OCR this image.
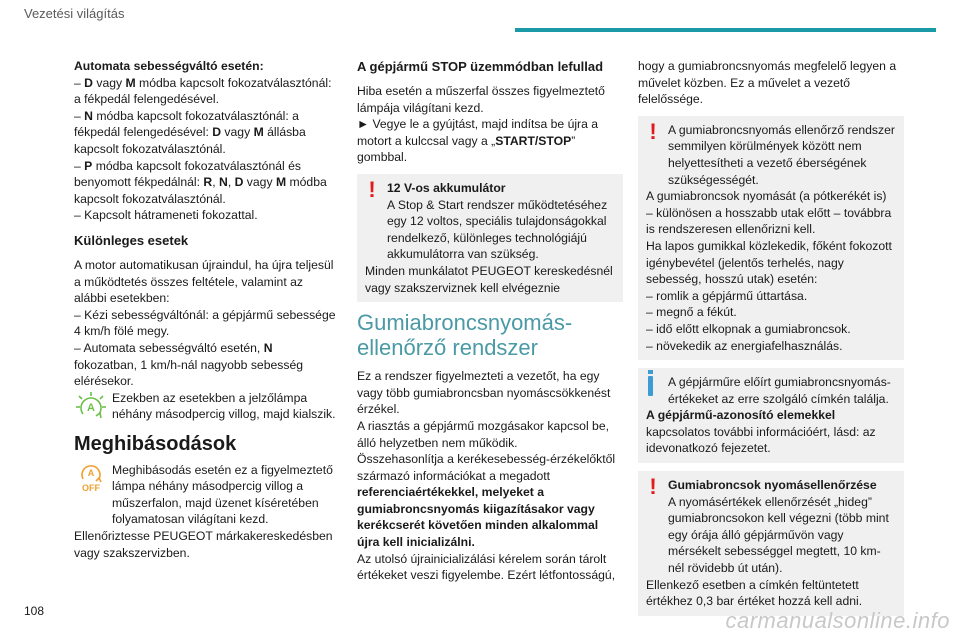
Vezetési világítás
Automata sebességváltó esetén:
– D vagy M módba kapcsolt fokozatválasztónál: a fékpedál felengedésével.
– N módba kapcsolt fokozatválasztónál: a fékpedál felengedésével: D vagy M állásba kapcsolt fokozatválasztónál.
– P módba kapcsolt fokozatválasztónál és benyomott fékpedálnál: R, N, D vagy M módba kapcsolt fokozatválasztónál.
– Kapcsolt hátrameneti fokozattal.
Különleges esetek
A motor automatikusan újraindul, ha újra teljesül a működtetés összes feltétele, valamint az alábbi esetekben:
– Kézi sebességváltónál: a gépjármű sebessége 4 km/h fölé megy.
– Automata sebességváltó esetén, N fokozatban, 1 km/h-nál nagyobb sebesség elérésekor.
A
Ezekben az esetekben a jelzőlámpa néhány másodpercig villog, majd kialszik.
Meghibásodások
A
OFF
Meghibásodás esetén ez a figyelmeztető lámpa néhány másodpercig villog a műszerfalon, majd üzenet kíséretében folyamatosan világítani kezd.
Ellenőriztesse PEUGEOT márkakereskedésben vagy szakszervizben.
A gépjármű STOP üzemmódban lefullad
Hiba esetén a műszerfal összes figyelmeztető lámpája világítani kezd.
► Vegye le a gyújtást, majd indítsa be újra a motort a kulccsal vagy a „START/STOP” gombbal.
! 12 V-os akkumulátor
A Stop & Start rendszer működtetéséhez egy 12 voltos, speciális tulajdonságokkal rendelkező, különleges technológiájú akkumulátorra van szükség.
Minden munkálatot PEUGEOT kereskedésnél vagy szakszerviznek kell elvégeznie
Gumiabroncsnyomás-ellenőrző rendszer
Ez a rendszer figyelmezteti a vezetőt, ha egy vagy több gumiabroncsban nyomáscsökkenést érzékel.
A riasztás a gépjármű mozgásakor kapcsol be, álló helyzetben nem működik.
Összehasonlítja a kerékesebesség-érzékelőktől származó információkat a megadott referenciaértékekkel, melyeket a gumiabroncsnyomás kiigazításakor vagy kerékcserét követően minden alkalommal újra kell inicializálni.
Az utolsó újrainicializálási kérelem során tárolt értékeket veszi figyelembe. Ezért létfontosságú,
hogy a gumiabroncsnyomás megfelelő legyen a művelet közben. Ez a művelet a vezető felelőssége.
! A gumiabroncsnyomás ellenőrző rendszer semmilyen körülmények között nem helyettesítheti a vezető éberségének szükségességét.
A gumiabroncsok nyomását (a pótkerékét is) – különösen a hosszabb utak előtt – továbbra is rendszeresen ellenőrizni kell.
Ha lapos gumikkal közlekedik, főként fokozott igénybevétel (jelentős terhelés, nagy sebesség, hosszú utak) esetén:
– romlik a gépjármű úttartása.
– megnő a fékút.
– idő előtt elkopnak a gumiabroncsok.
– növekedik az energiafelhasználás.
A gépjárműre előírt gumiabroncsnyomás-értékeket az erre szolgáló címkén találja.
A gépjármű-azonosító elemekkel
kapcsolatos további információért, lásd: az idevonatkozó fejezetet.
! Gumiabroncsok nyomásellenőrzése
A nyomásértékek ellenőrzését „hideg” gumiabroncsokon kell végezni (több mint egy órája álló gépjárművön vagy mérsékelt sebességgel megtett, 10 km-nél rövidebb út után).
Ellenkező esetben a címkén feltüntetett értékhez 0,3 bar értéket hozzá kell adni.
108	carmanualsonline.info
